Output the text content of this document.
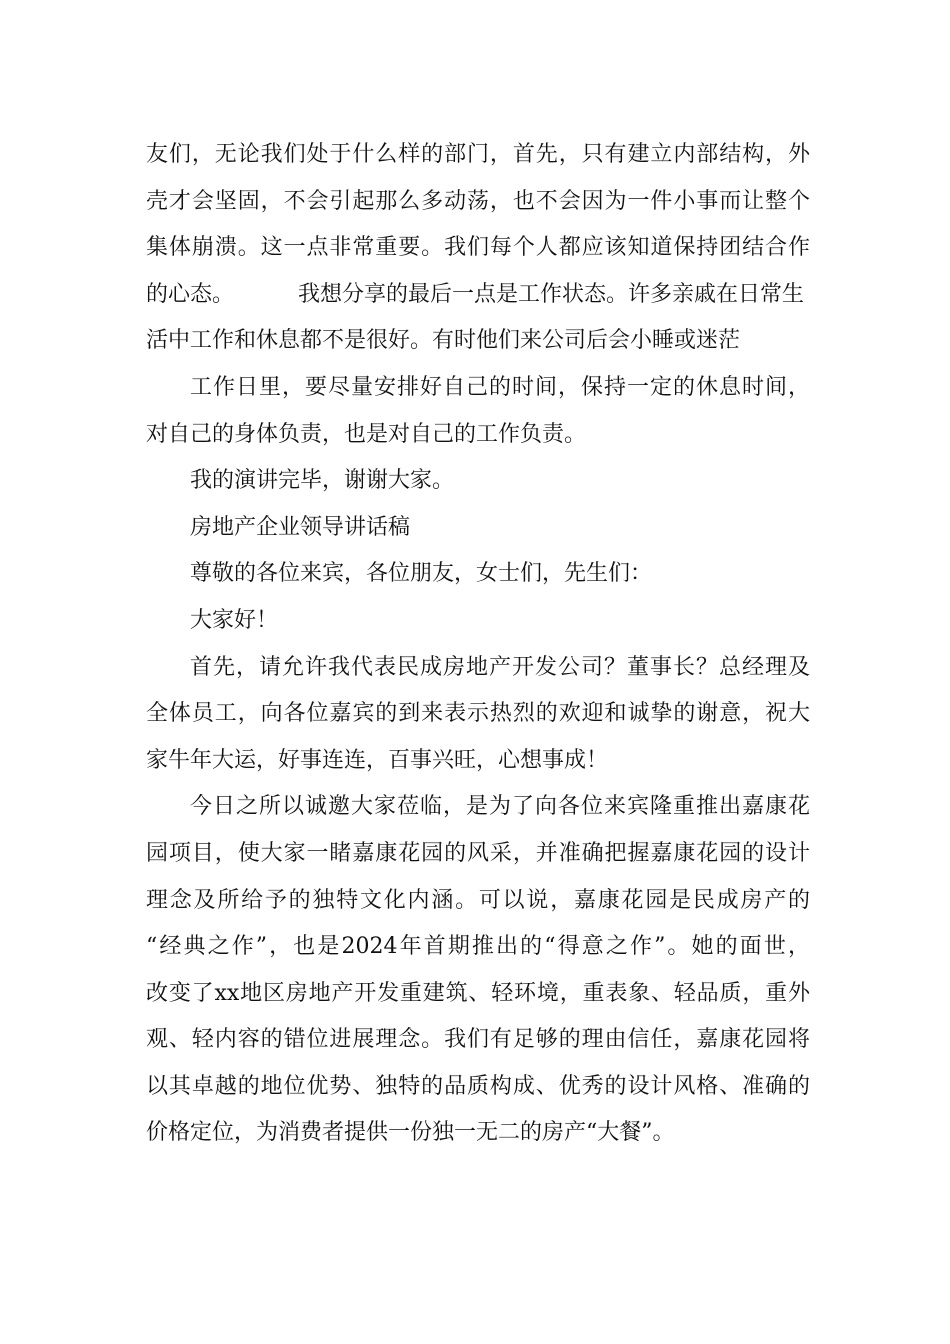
友们，无论我们处于什么样的部门，首先，只有建立内部结构，外
壳才会坚固，不会引起那么多动荡，也不会因为一件小事而让整个
集体崩溃。这一点非常重要。我们每个人都应该知道保持团结合作
的心态。	我想分享的最后一点是工作状态。许多亲戚在日常生
活中工作和休息都不是很好。有时他们来公司后会小睡或迷茫
工作日里，要尽量安排好自己的时间，保持一定的休息时间，
对自己的身体负责，也是对自己的工作负责。
我的演讲完毕，谢谢大家。
房地产企业领导讲话稿
尊敬的各位来宾，各位朋友，女士们，先生们：
大家好！
首先，请允许我代表民成房地产开发公司？董事长？总经理及
全体员工，向各位嘉宾的到来表示热烈的欢迎和诚挚的谢意，祝大
家牛年大运，好事连连，百事兴旺，心想事成！
今日之所以诚邀大家莅临，是为了向各位来宾隆重推出嘉康花
园项目，使大家一睹嘉康花园的风采，并准确把握嘉康花园的设计
理念及所给予的独特文化内涵。可以说，嘉康花园是民成房产的
“经典之作”，也是2024年首期推出的“得意之作”。她的面世，
改变了xx地区房地产开发重建筑、轻环境，重表象、轻品质，重外
观、轻内容的错位进展理念。我们有足够的理由信任，嘉康花园将
以其卓越的地位优势、独特的品质构成、优秀的设计风格、准确的
价格定位，为消费者提供一份独一无二的房产“大餐”。
